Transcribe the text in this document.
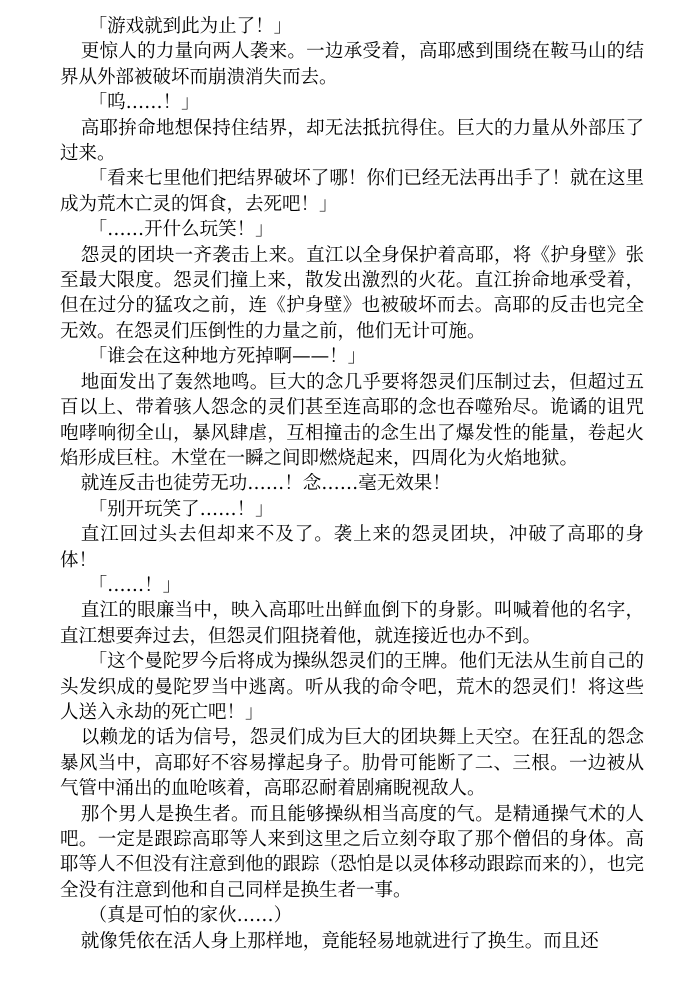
「游戏就到此为止了！」

更惊人的力量向两人袭来。一边承受着，高耶感到围绕在鞍马山的结界从外部被破坏而崩溃消失而去。

「呜……！」

高耶拚命地想保持住结界，却无法抵抗得住。巨大的力量从外部压了过来。

「看来七里他们把结界破坏了哪！你们已经无法再出手了！就在这里成为荒木亡灵的饵食，去死吧！」

「……开什么玩笑！」

怨灵的团块一齐袭击上来。直江以全身保护着高耶，将《护身壁》张至最大限度。怨灵们撞上来，散发出激烈的火花。直江拚命地承受着，但在过分的猛攻之前，连《护身壁》也被破坏而去。高耶的反击也完全无效。在怨灵们压倒性的力量之前，他们无计可施。

「谁会在这种地方死掉啊——！」

地面发出了轰然地鸣。巨大的念几乎要将怨灵们压制过去，但超过五百以上、带着骇人怨念的灵们甚至连高耶的念也吞噬殆尽。诡谲的诅咒咆哮响彻全山，暴风肆虐，互相撞击的念生出了爆发性的能量，卷起火焰形成巨柱。木堂在一瞬之间即燃烧起来，四周化为火焰地狱。

就连反击也徒劳无功……！念……毫无效果！

「别开玩笑了……！」

直江回过头去但却来不及了。袭上来的怨灵团块，冲破了高耶的身体！

「……！」

直江的眼廉当中，映入高耶吐出鲜血倒下的身影。叫喊着他的名字，直江想要奔过去，但怨灵们阻挠着他，就连接近也办不到。

「这个曼陀罗今后将成为操纵怨灵们的王牌。他们无法从生前自己的头发织成的曼陀罗当中逃离。听从我的命令吧，荒木的怨灵们！将这些人送入永劫的死亡吧！」

以赖龙的话为信号，怨灵们成为巨大的团块舞上天空。在狂乱的怨念暴风当中，高耶好不容易撑起身子。肋骨可能断了二、三根。一边被从气管中涌出的血呛咳着，高耶忍耐着剧痛睨视敌人。

那个男人是换生者。而且能够操纵相当高度的气。是精通操气术的人吧。一定是跟踪高耶等人来到这里之后立刻夺取了那个僧侣的身体。高耶等人不但没有注意到他的跟踪（恐怕是以灵体移动跟踪而来的），也完全没有注意到他和自己同样是换生者一事。

（真是可怕的家伙……）

就像凭依在活人身上那样地，竟能轻易地就进行了换生。而且还
